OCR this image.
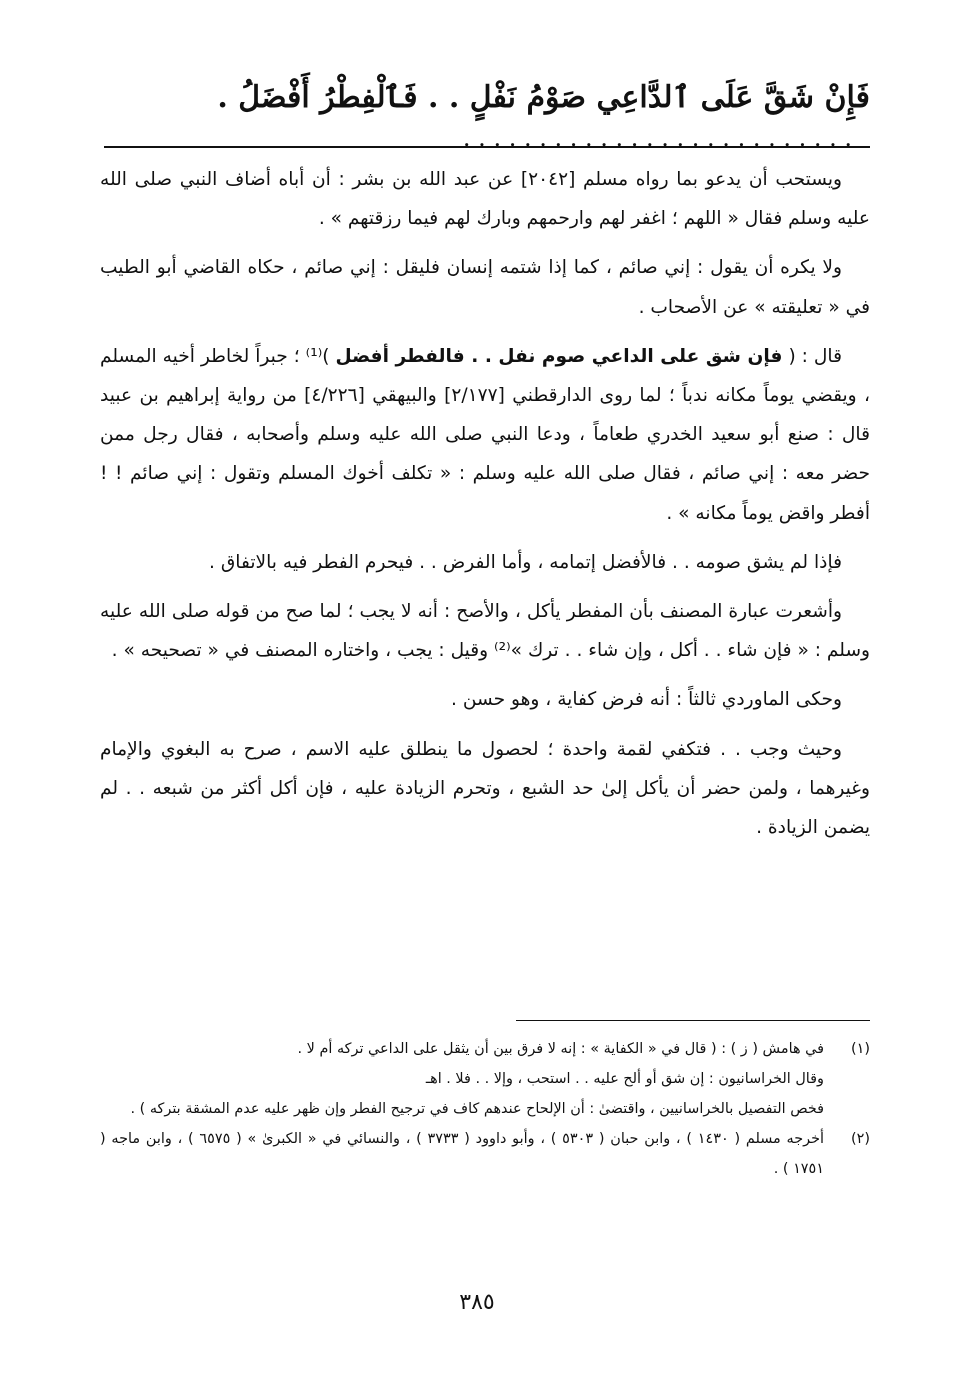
فَإِنْ شَقَّ عَلَى ٱلدَّاعِي صَوْمُ نَفْلٍ . . فَٱلْفِطْرُ أَفْضَلُ . . . . . . . . . . . . . . . . . . . . . . . . . . .

ويستحب أن يدعو بما رواه مسلم [٢٠٤٢] عن عبد الله بن بشر : أن أباه أضاف النبي صلى الله عليه وسلم فقال « اللهم ؛ اغفر لهم وارحمهم وبارك لهم فيما رزقتهم » .

ولا يكره أن يقول : إني صائم ، كما إذا شتمه إنسان فليقل : إني صائم ، حكاه القاضي أبو الطيب في « تعليقته » عن الأصحاب .

قال : ( فإن شق على الداعي صوم نفل . . فالفطر أفضل )⁽¹⁾ ؛ جبراً لخاطر أخيه المسلم ، ويقضي يوماً مكانه ندباً ؛ لما روى الدارقطني [٢/١٧٧] والبيهقي [٤/٢٢٦] من رواية إبراهيم بن عبيد قال : صنع أبو سعيد الخدري طعاماً ، ودعا النبي صلى الله عليه وسلم وأصحابه ، فقال رجل ممن حضر معه : إني صائم ، فقال صلى الله عليه وسلم : « تكلف أخوك المسلم وتقول : إني صائم ! ! أفطر واقض يوماً مكانه » .

فإذا لم يشق صومه . . فالأفضل إتمامه ، وأما الفرض . . فيحرم الفطر فيه بالاتفاق .

وأشعرت عبارة المصنف بأن المفطر يأكل ، والأصح : أنه لا يجب ؛ لما صح من قوله صلى الله عليه وسلم : « فإن شاء . . أكل ، وإن شاء . . ترك »⁽²⁾ وقيل : يجب ، واختاره المصنف في « تصحيحه » .

وحكى الماوردي ثالثاً : أنه فرض كفاية ، وهو حسن .

وحيث وجب . . فتكفي لقمة واحدة ؛ لحصول ما ينطلق عليه الاسم ، صرح به البغوي والإمام وغيرهما ، ولمن حضر أن يأكل إلىٰ حد الشبع ، وتحرم الزيادة عليه ، فإن أكل أكثر من شبعه . . لم يضمن الزيادة .

(١)
في هامش ( ز ) : ( قال في « الكفاية » : إنه لا فرق بين أن يثقل على الداعي تركه أم لا .

وقال الخراسانيون : إن شق أو ألح عليه . . استحب ، وإلا . . فلا . اهـ

فخص التفصيل بالخراسانيين ، واقتضىٰ : أن الإلحاح عندهم كاف في ترجيح الفطر وإن ظهر عليه عدم المشقة بتركه ) .

(٢)
أخرجه مسلم ( ١٤٣٠ ) ، وابن حبان ( ٥٣٠٣ ) ، وأبو داوود ( ٣٧٣٣ ) ، والنسائي في « الكبرىٰ » ( ٦٥٧٥ ) ، وابن ماجه ( ١٧٥١ ) .
٣٨٥
